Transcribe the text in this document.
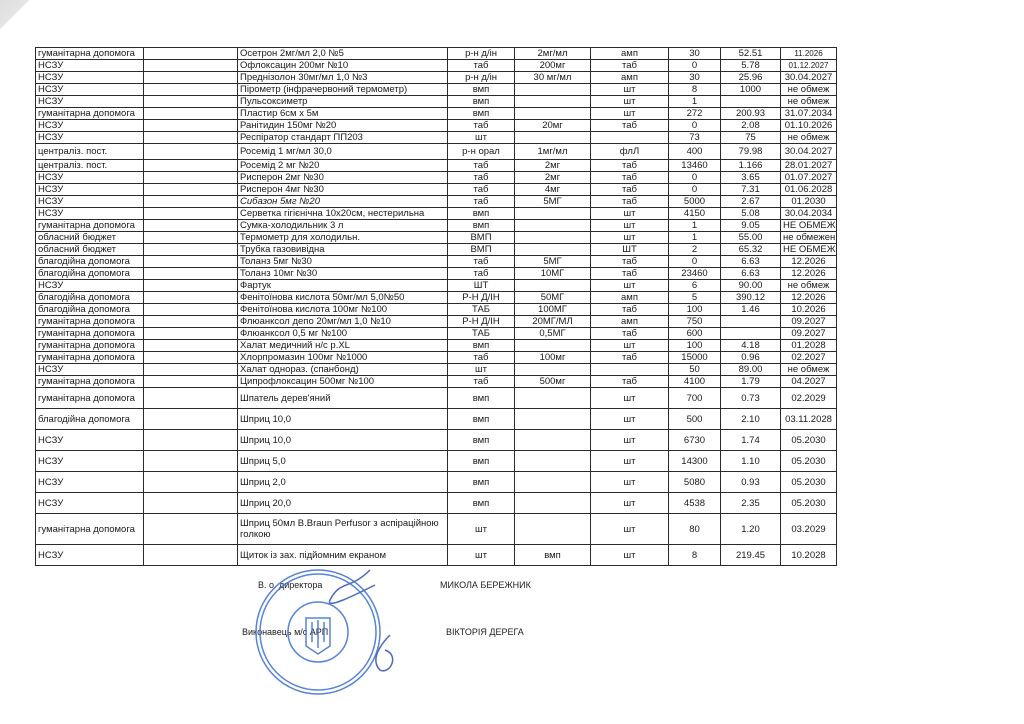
гуманітарна допомога		Осетрон 2мг/мл 2,0 №5	р-н д/ін	2мг/мл	амп	30	52.51	11.2026
НСЗУ		Офлоксацин 200мг №10	таб	200мг	таб	0	5.78	01.12.2027
НСЗУ		Преднізолон 30мг/мл 1,0 №3	р-н д/ін	30 мг/мл	амп	30	25.96	30.04.2027
НСЗУ		Пірометр (інфрачервоний термометр)	вмп		шт	8	1000	не обмеж
НСЗУ		Пульсоксиметр	вмп		шт	1		не обмеж
гуманітарна допомога		Пластир 6см х 5м	вмп		шт	272	200.93	31.07.2034
НСЗУ		Ранітидин 150мг №20	таб	20мг	таб	0	2.08	01.10.2026
НСЗУ		Респіратор стандарт ПП203	шт			73	75	не обмеж
централіз. пост.		Росемід 1 мг/мл 30,0	р-н орал	1мг/мл	флЛ	400	79.98	30.04.2027
централіз. пост.		Росемід 2 мг №20	таб	2мг	таб	13460	1.166	28.01.2027
НСЗУ		Рисперон 2мг №30	таб	2мг	таб	0	3.65	01.07.2027
НСЗУ		Рисперон 4мг №30	таб	4мг	таб	0	7.31	01.06.2028
НСЗУ		Сибазон 5мг №20	таб	5МГ	таб	5000	2.67	01.2030
НСЗУ		Серветка гігієнічна 10х20см, нестерильна	вмп		шт	4150	5.08	30.04.2034
гуманітарна допомога		Сумка-холодильник 3 л	вмп		шт	1	9.05	НЕ ОБМЕЖ
обласний бюджет		Термометр для холодильн.	ВМП		шт	1	55.00	не обмежен
обласний бюджет		Трубка газовивідна	ВМП		ШТ	2	65.32	НЕ ОБМЕЖ
благодійна допомога		Толанз 5мг №30	таб	5МГ	таб	0	6.63	12.2026
благодійна допомога		Толанз 10мг №30	таб	10МГ	таб	23460	6.63	12.2026
НСЗУ		Фартук	ШТ		шт	6	90.00	не обмеж
благодійна допомога		Фенітоїнова кислота 50мг/мл 5,0№50	Р-Н Д/ІН	50МГ	амп	5	390.12	12.2026
благодійна допомога		Фенітоїнова кислота 100мг №100	ТАБ	100МГ	таб	100	1.46	10.2026
гуманітарна допомога		Флюанксол депо 20мг/мл 1,0 №10	Р-Н Д/ІН	20МГ/МЛ	амп	750		09.2027
гуманітарна допомога		Флюанксол 0,5 мг №100	ТАБ	0,5МГ	таб	600		09.2027
гуманітарна допомога		Халат медичний н/с р.XL	вмп		шт	100	4.18	01.2028
гуманітарна допомога		Хлорпромазин 100мг №1000	таб	100мг	таб	15000	0.96	02.2027
НСЗУ		Халат однораз. (спанбонд)	шт			50	89.00	не обмеж
гуманітарна допомога		Ципрофлоксацин 500мг №100	таб	500мг	таб	4100	1.79	04.2027
гуманітарна допомога		Шпатель дерев'яний	вмп		шт	700	0.73	02.2029
благодійна допомога		Шприц 10,0	вмп		шт	500	2.10	03.11.2028
НСЗУ		Шприц 10,0	вмп		шт	6730	1.74	05.2030
НСЗУ		Шприц 5,0	вмп		шт	14300	1.10	05.2030
НСЗУ		Шприц 2,0	вмп		шт	5080	0.93	05.2030
НСЗУ		Шприц 20,0	вмп		шт	4538	2.35	05.2030
гуманітарна допомога		Шприц 50мл B.Braun Perfusor з аспіраційною голкою	шт		шт	80	1.20	03.2029
НСЗУ		Щиток із зах. підйомним екраном	шт	вмп	шт	8	219.45	10.2028
В. о. директора	МИКОЛА БЕРЕЖНИК
Виконавець м/с АРП	ВІКТОРІЯ ДЕРЕГА
